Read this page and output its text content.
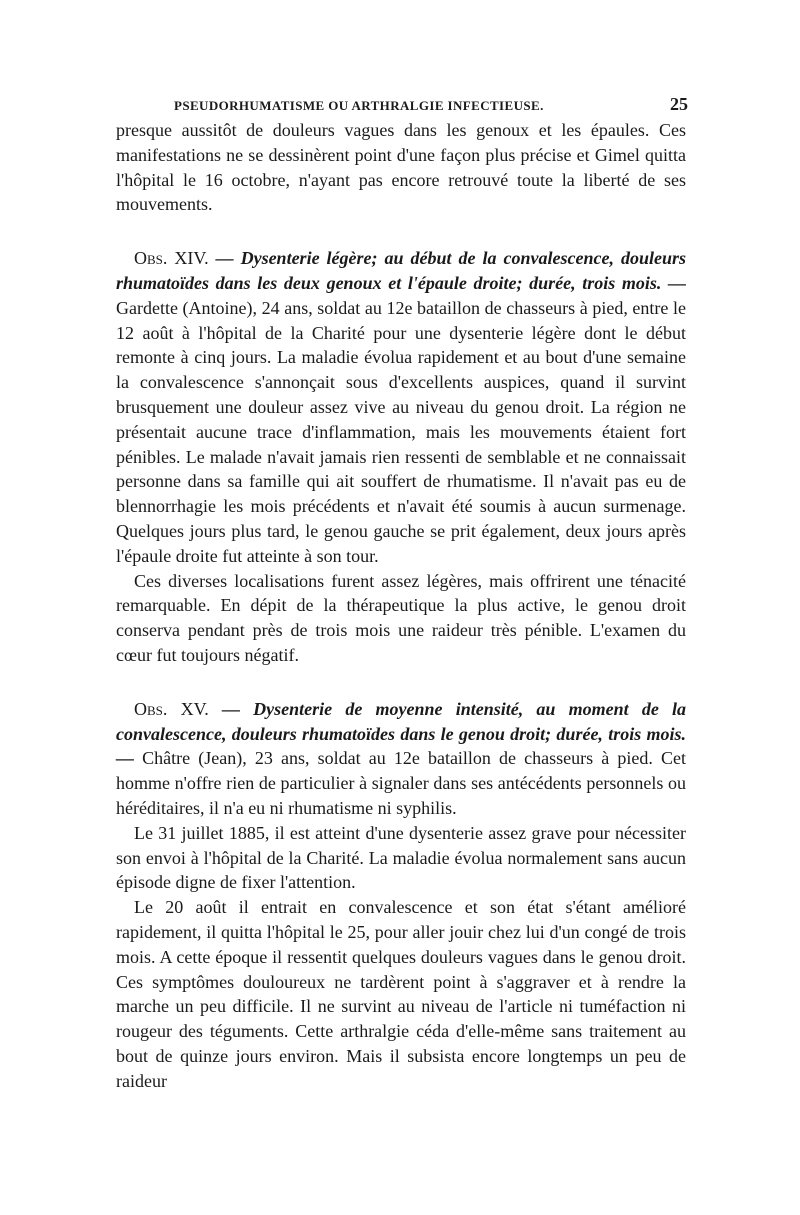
PSEUDORHUMATISME OU ARTHRALGIE INFECTIEUSE.	25

presque aussitôt de douleurs vagues dans les genoux et les épaules. Ces manifestations ne se dessinèrent point d'une façon plus précise et Gimel quitta l'hôpital le 16 octobre, n'ayant pas encore retrouvé toute la liberté de ses mouvements.

Obs. XIV. — Dysenterie légère; au début de la convalescence, douleurs rhumatoïdes dans les deux genoux et l'épaule droite; durée, trois mois. — Gardette (Antoine), 24 ans, soldat au 12e bataillon de chasseurs à pied, entre le 12 août à l'hôpital de la Charité pour une dysenterie légère dont le début remonte à cinq jours. La maladie évolua rapidement et au bout d'une semaine la convalescence s'annonçait sous d'excellents auspices, quand il survint brusquement une douleur assez vive au niveau du genou droit. La région ne présentait aucune trace d'inflammation, mais les mouvements étaient fort pénibles. Le malade n'avait jamais rien ressenti de semblable et ne connaissait personne dans sa famille qui ait souffert de rhumatisme. Il n'avait pas eu de blennorrhagie les mois précédents et n'avait été soumis à aucun surmenage. Quelques jours plus tard, le genou gauche se prit également, deux jours après l'épaule droite fut atteinte à son tour.

Ces diverses localisations furent assez légères, mais offrirent une ténacité remarquable. En dépit de la thérapeutique la plus active, le genou droit conserva pendant près de trois mois une raideur très pénible. L'examen du cœur fut toujours négatif.

Obs. XV. — Dysenterie de moyenne intensité, au moment de la convalescence, douleurs rhumatoïdes dans le genou droit; durée, trois mois. — Châtre (Jean), 23 ans, soldat au 12e bataillon de chasseurs à pied. Cet homme n'offre rien de particulier à signaler dans ses antécédents personnels ou héréditaires, il n'a eu ni rhumatisme ni syphilis.

Le 31 juillet 1885, il est atteint d'une dysenterie assez grave pour nécessiter son envoi à l'hôpital de la Charité. La maladie évolua normalement sans aucun épisode digne de fixer l'attention.

Le 20 août il entrait en convalescence et son état s'étant amélioré rapidement, il quitta l'hôpital le 25, pour aller jouir chez lui d'un congé de trois mois. A cette époque il ressentit quelques douleurs vagues dans le genou droit. Ces symptômes douloureux ne tardèrent point à s'aggraver et à rendre la marche un peu difficile. Il ne survint au niveau de l'article ni tuméfaction ni rougeur des téguments. Cette arthralgie céda d'elle-même sans traitement au bout de quinze jours environ. Mais il subsista encore longtemps un peu de raideur
